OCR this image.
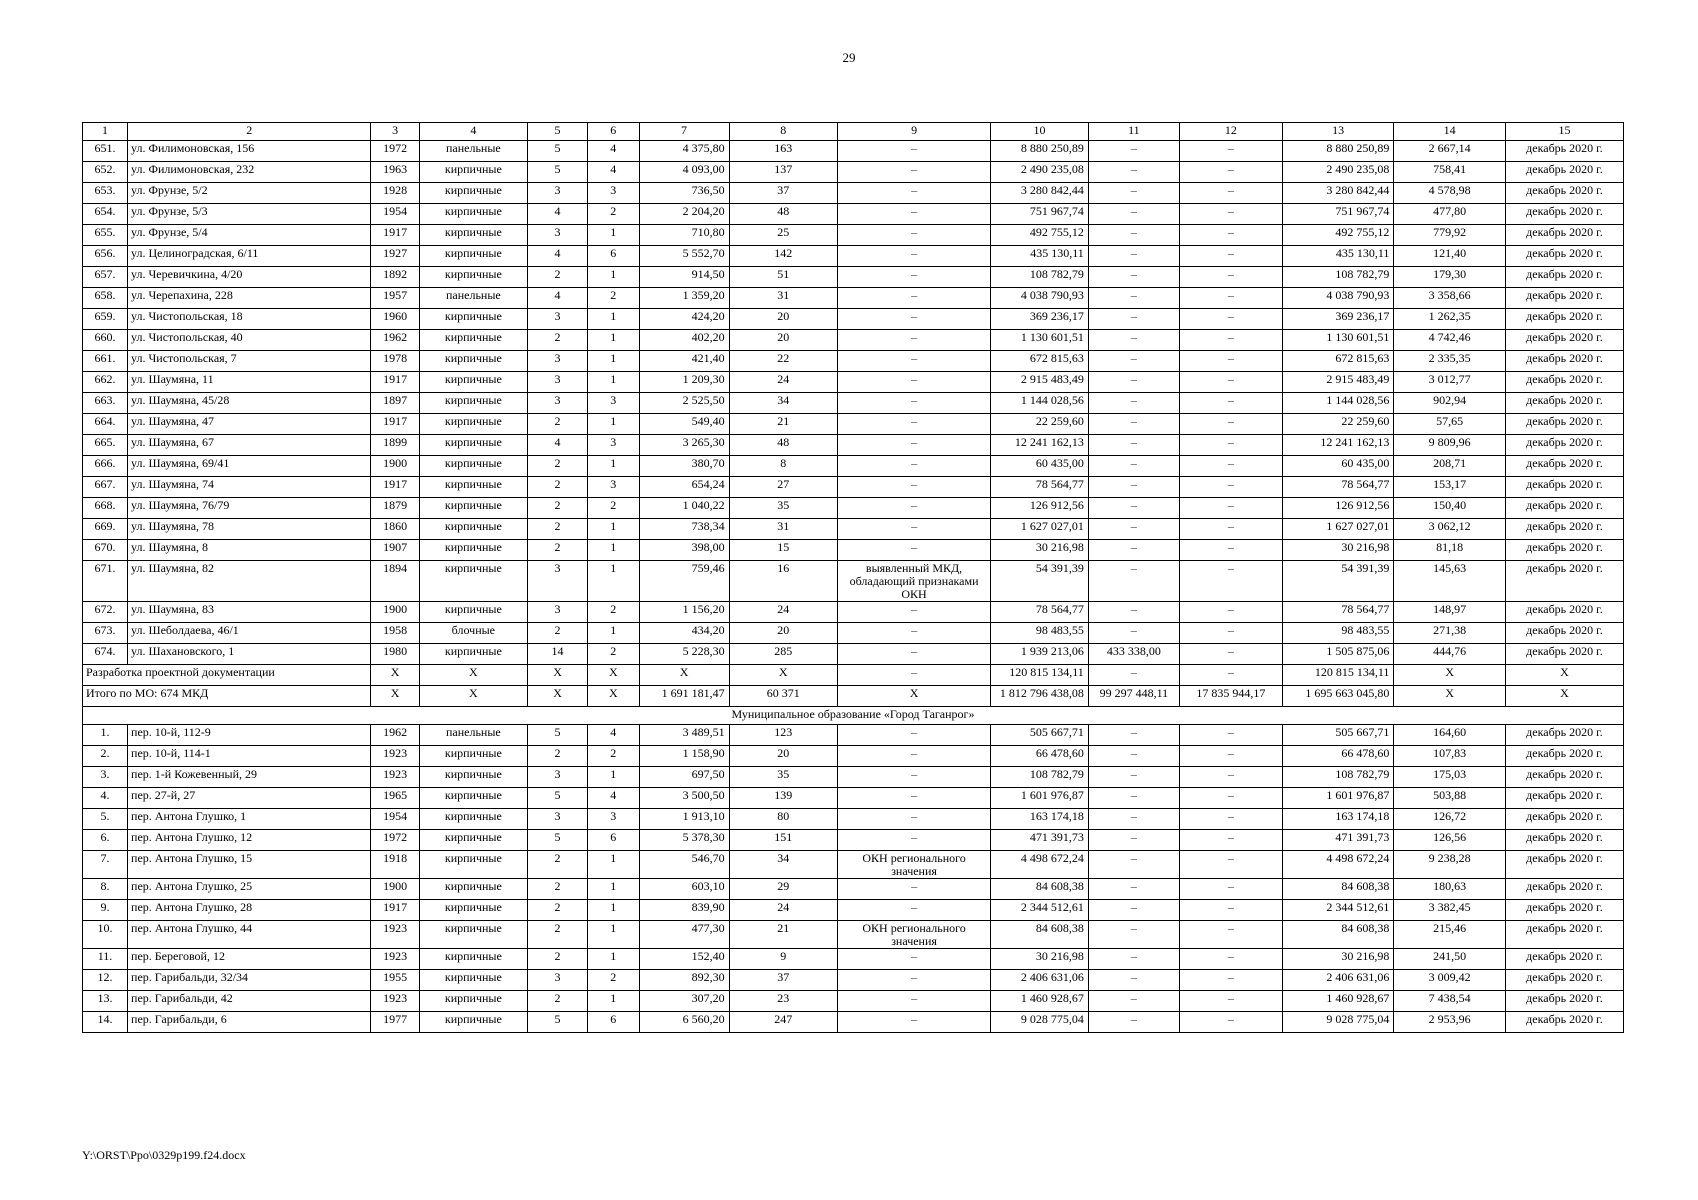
29
1	2	3	4	5	6	7	8	9	10	11	12	13	14	15
651.	ул. Филимоновская, 156	1972	панельные	5	4	4 375,80	163	–	8 880 250,89	–	–	8 880 250,89	2 667,14	декабрь 2020 г.
652.	ул. Филимоновская, 232	1963	кирпичные	5	4	4 093,00	137	–	2 490 235,08	–	–	2 490 235,08	758,41	декабрь 2020 г.
653.	ул. Фрунзе, 5/2	1928	кирпичные	3	3	736,50	37	–	3 280 842,44	–	–	3 280 842,44	4 578,98	декабрь 2020 г.
654.	ул. Фрунзе, 5/3	1954	кирпичные	4	2	2 204,20	48	–	751 967,74	–	–	751 967,74	477,80	декабрь 2020 г.
655.	ул. Фрунзе, 5/4	1917	кирпичные	3	1	710,80	25	–	492 755,12	–	–	492 755,12	779,92	декабрь 2020 г.
656.	ул. Целиноградская, 6/11	1927	кирпичные	4	6	5 552,70	142	–	435 130,11	–	–	435 130,11	121,40	декабрь 2020 г.
657.	ул. Черевичкина, 4/20	1892	кирпичные	2	1	914,50	51	–	108 782,79	–	–	108 782,79	179,30	декабрь 2020 г.
658.	ул. Черепахина, 228	1957	панельные	4	2	1 359,20	31	–	4 038 790,93	–	–	4 038 790,93	3 358,66	декабрь 2020 г.
659.	ул. Чистопольская, 18	1960	кирпичные	3	1	424,20	20	–	369 236,17	–	–	369 236,17	1 262,35	декабрь 2020 г.
660.	ул. Чистопольская, 40	1962	кирпичные	2	1	402,20	20	–	1 130 601,51	–	–	1 130 601,51	4 742,46	декабрь 2020 г.
661.	ул. Чистопольская, 7	1978	кирпичные	3	1	421,40	22	–	672 815,63	–	–	672 815,63	2 335,35	декабрь 2020 г.
662.	ул. Шаумяна, 11	1917	кирпичные	3	1	1 209,30	24	–	2 915 483,49	–	–	2 915 483,49	3 012,77	декабрь 2020 г.
663.	ул. Шаумяна, 45/28	1897	кирпичные	3	3	2 525,50	34	–	1 144 028,56	–	–	1 144 028,56	902,94	декабрь 2020 г.
664.	ул. Шаумяна, 47	1917	кирпичные	2	1	549,40	21	–	22 259,60	–	–	22 259,60	57,65	декабрь 2020 г.
665.	ул. Шаумяна, 67	1899	кирпичные	4	3	3 265,30	48	–	12 241 162,13	–	–	12 241 162,13	9 809,96	декабрь 2020 г.
666.	ул. Шаумяна, 69/41	1900	кирпичные	2	1	380,70	8	–	60 435,00	–	–	60 435,00	208,71	декабрь 2020 г.
667.	ул. Шаумяна, 74	1917	кирпичные	2	3	654,24	27	–	78 564,77	–	–	78 564,77	153,17	декабрь 2020 г.
668.	ул. Шаумяна, 76/79	1879	кирпичные	2	2	1 040,22	35	–	126 912,56	–	–	126 912,56	150,40	декабрь 2020 г.
669.	ул. Шаумяна, 78	1860	кирпичные	2	1	738,34	31	–	1 627 027,01	–	–	1 627 027,01	3 062,12	декабрь 2020 г.
670.	ул. Шаумяна, 8	1907	кирпичные	2	1	398,00	15	–	30 216,98	–	–	30 216,98	81,18	декабрь 2020 г.
671.	ул. Шаумяна, 82	1894	кирпичные	3	1	759,46	16	выявленный МКД, обладающий признаками ОКН	54 391,39	–	–	54 391,39	145,63	декабрь 2020 г.
672.	ул. Шаумяна, 83	1900	кирпичные	3	2	1 156,20	24	–	78 564,77	–	–	78 564,77	148,97	декабрь 2020 г.
673.	ул. Шеболдаева, 46/1	1958	блочные	2	1	434,20	20	–	98 483,55	–	–	98 483,55	271,38	декабрь 2020 г.
674.	ул. Шахановского, 1	1980	кирпичные	14	2	5 228,30	285	–	1 939 213,06	433 338,00	–	1 505 875,06	444,76	декабрь 2020 г.
Разработка проектной документации		X	X	X	X	X	X	–	120 815 134,11	–	–	120 815 134,11	X	X
Итого по МО: 674 МКД		X	X	X	X	1 691 181,47	60 371	X	1 812 796 438,08	99 297 448,11	17 835 944,17	1 695 663 045,80	X	X
Муниципальное образование «Город Таганрог»														
1.	пер. 10-й, 112-9	1962	панельные	5	4	3 489,51	123	–	505 667,71	–	–	505 667,71	164,60	декабрь 2020 г.
2.	пер. 10-й, 114-1	1923	кирпичные	2	2	1 158,90	20	–	66 478,60	–	–	66 478,60	107,83	декабрь 2020 г.
3.	пер. 1-й Кожевенный, 29	1923	кирпичные	3	1	697,50	35	–	108 782,79	–	–	108 782,79	175,03	декабрь 2020 г.
4.	пер. 27-й, 27	1965	кирпичные	5	4	3 500,50	139	–	1 601 976,87	–	–	1 601 976,87	503,88	декабрь 2020 г.
5.	пер. Антона Глушко, 1	1954	кирпичные	3	3	1 913,10	80	–	163 174,18	–	–	163 174,18	126,72	декабрь 2020 г.
6.	пер. Антона Глушко, 12	1972	кирпичные	5	6	5 378,30	151	–	471 391,73	–	–	471 391,73	126,56	декабрь 2020 г.
7.	пер. Антона Глушко, 15	1918	кирпичные	2	1	546,70	34	ОКН регионального значения	4 498 672,24	–	–	4 498 672,24	9 238,28	декабрь 2020 г.
8.	пер. Антона Глушко, 25	1900	кирпичные	2	1	603,10	29	–	84 608,38	–	–	84 608,38	180,63	декабрь 2020 г.
9.	пер. Антона Глушко, 28	1917	кирпичные	2	1	839,90	24	–	2 344 512,61	–	–	2 344 512,61	3 382,45	декабрь 2020 г.
10.	пер. Антона Глушко, 44	1923	кирпичные	2	1	477,30	21	ОКН регионального значения	84 608,38	–	–	84 608,38	215,46	декабрь 2020 г.
11.	пер. Береговой, 12	1923	кирпичные	2	1	152,40	9	–	30 216,98	–	–	30 216,98	241,50	декабрь 2020 г.
12.	пер. Гарибальди, 32/34	1955	кирпичные	3	2	892,30	37	–	2 406 631,06	–	–	2 406 631,06	3 009,42	декабрь 2020 г.
13.	пер. Гарибальди, 42	1923	кирпичные	2	1	307,20	23	–	1 460 928,67	–	–	1 460 928,67	7 438,54	декабрь 2020 г.
14.	пер. Гарибальди, 6	1977	кирпичные	5	6	6 560,20	247	–	9 028 775,04	–	–	9 028 775,04	2 953,96	декабрь 2020 г.
Y:\ORST\Ppo\0329p199.f24.docx
